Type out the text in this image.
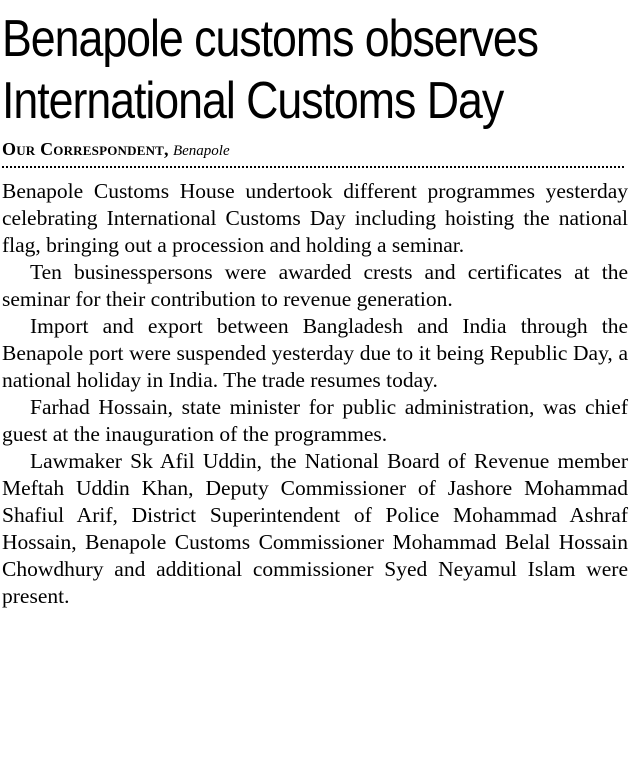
Benapole customs observes
International Customs Day
Our Correspondent, Benapole

Benapole Customs House undertook different programmes yesterday celebrating International Customs Day including hoisting the national flag, bringing out a procession and holding a seminar.

Ten businesspersons were awarded crests and certificates at the seminar for their contribution to revenue generation.

Import and export between Bangladesh and India through the Benapole port were suspended yesterday due to it being Republic Day, a national holiday in India. The trade resumes today.

Farhad Hossain, state minister for public administration, was chief guest at the inauguration of the programmes.

Lawmaker Sk Afil Uddin, the National Board of Revenue member Meftah Uddin Khan, Deputy Commissioner of Jashore Mohammad Shafiul Arif, District Superintendent of Police Mohammad Ashraf Hossain, Benapole Customs Commissioner Mohammad Belal Hossain Chowdhury and additional commissioner Syed Neyamul Islam were present.
